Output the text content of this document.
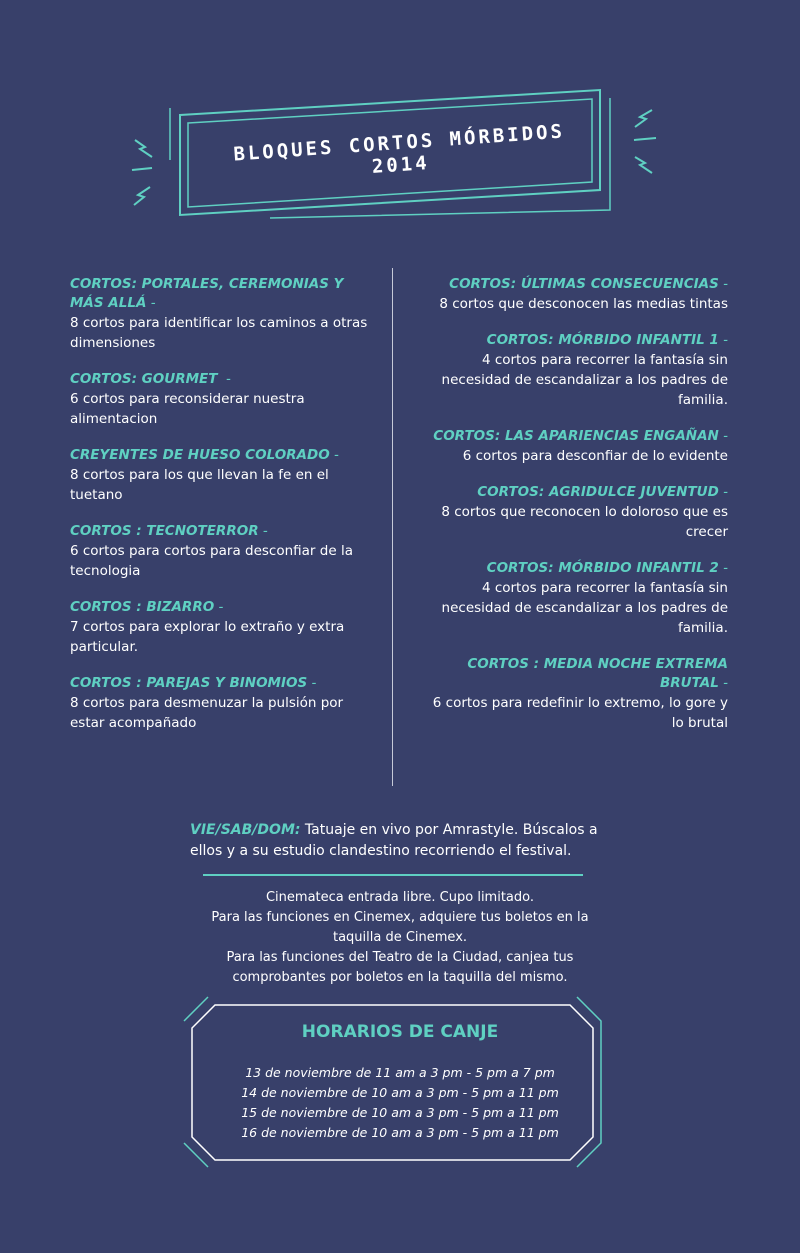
BLOQUES CORTOS MÓRBIDOS 2014
CORTOS: PORTALES, CEREMONIAS Y MÁS ALLÁ -
8 cortos para identificar los caminos a otras dimensiones
CORTOS: GOURMET  -
6 cortos para reconsiderar nuestra alimentacion
CREYENTES DE HUESO COLORADO -
8 cortos para los que llevan la fe en el tuetano
CORTOS : TECNOTERROR -
6 cortos para cortos para desconfiar de la tecnologia
CORTOS : BIZARRO -
7 cortos para explorar lo extraño y extra particular.
CORTOS : PAREJAS Y BINOMIOS -
8 cortos para desmenuzar la pulsión por estar acompañado
CORTOS: ÚLTIMAS CONSECUENCIAS -
8 cortos que desconocen las medias tintas
CORTOS: MÓRBIDO INFANTIL 1 -
4 cortos para recorrer la fantasía sin necesidad de escandalizar a los padres de familia.
CORTOS: LAS APARIENCIAS ENGAÑAN -
6 cortos para desconfiar de lo evidente
CORTOS: AGRIDULCE JUVENTUD -
8 cortos que reconocen lo doloroso que es crecer
CORTOS: MÓRBIDO INFANTIL 2 -
4 cortos para recorrer la fantasía sin necesidad de escandalizar a los padres de familia.
CORTOS : MEDIA NOCHE EXTREMA BRUTAL -
6 cortos para redefinir lo extremo, lo gore y lo brutal
VIE/SAB/DOM: Tatuaje en vivo por Amrastyle. Búscalos a ellos y a su estudio clandestino recorriendo el festival.
Cinemateca entrada libre. Cupo limitado.
Para las funciones en Cinemex, adquiere tus boletos en la taquilla de Cinemex.
Para las funciones del Teatro de la Ciudad, canjea tus comprobantes por boletos en la taquilla del mismo.
HORARIOS DE CANJE
13 de noviembre de 11 am a 3 pm - 5 pm a 7 pm
14 de noviembre de 10 am a 3 pm - 5 pm a 11 pm
15 de noviembre de 10 am a 3 pm - 5 pm a 11 pm
16 de noviembre de 10 am a 3 pm - 5 pm a 11 pm
